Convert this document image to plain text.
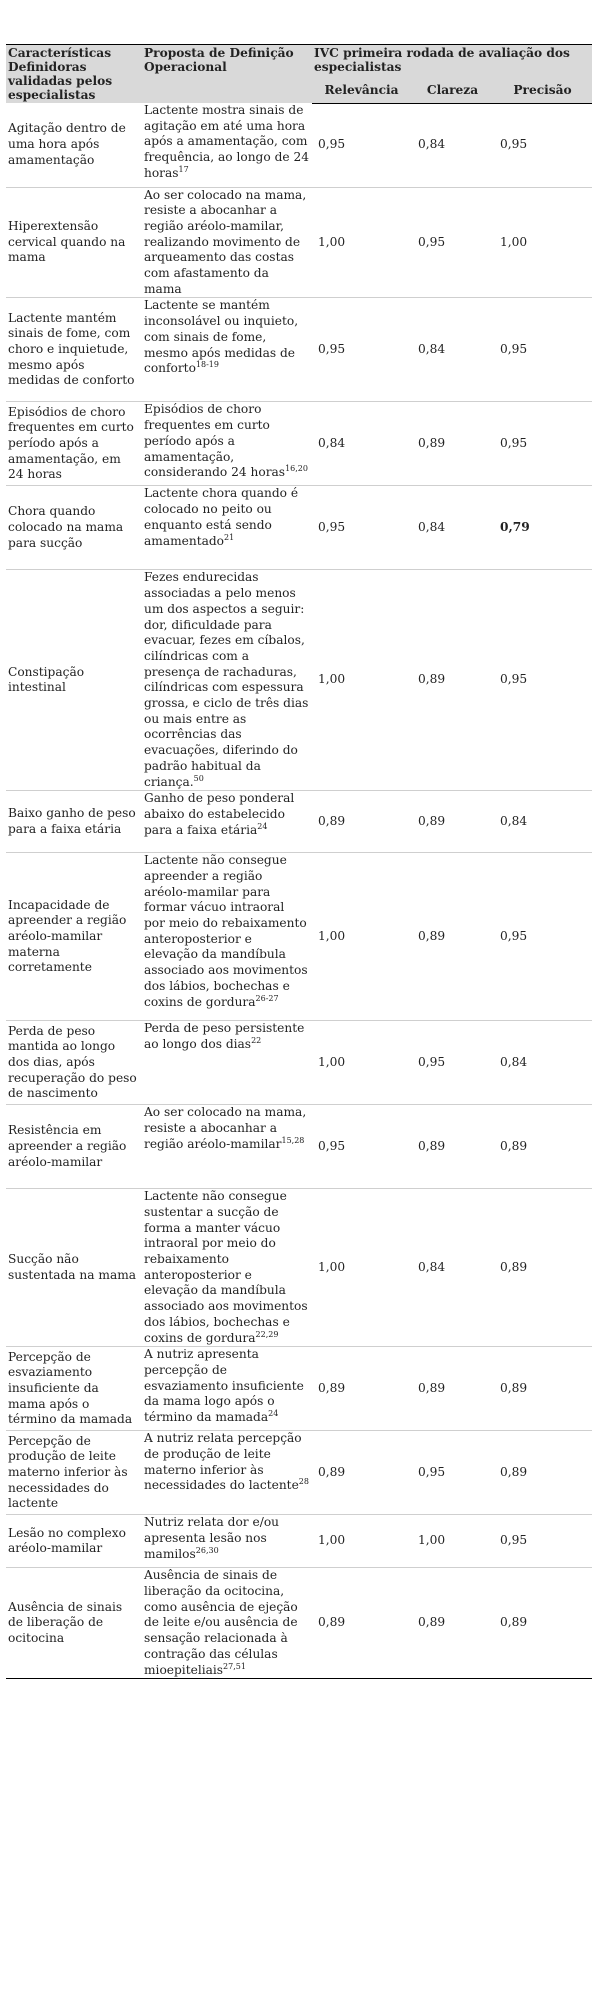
Características Definidoras validadas pelos especialistas	Proposta de Definição Operacional	IVC primeira rodada de avaliação dos especialistas		
		Relevância	Clareza	Precisão
Agitação dentro de uma hora após amamentação	Lactente mostra sinais de agitação em até uma hora após a amamentação, com frequência, ao longo de 24 horas$^{17}$	0,95	0,84	0,95
Hiperextensão cervical quando na mama	Ao ser colocado na mama, resiste a abocanhar a região aréolo-mamilar, realizando movimento de arqueamento das costas com afastamento da mama	1,00	0,95	1,00
Lactente mantém sinais de fome, com choro e inquietude, mesmo após medidas de conforto	Lactente se mantém inconsolável ou inquieto, com sinais de fome, mesmo após medidas de conforto$^{18-19}$	0,95	0,84	0,95
Episódios de choro frequentes em curto período após a amamentação, em 24 horas	Episódios de choro frequentes em curto período após a amamentação, considerando 24 horas$^{16,20}$	0,84	0,89	0,95
Chora quando colocado na mama para sucção	Lactente chora quando é colocado no peito ou enquanto está sendo amamentado$^{21}$	0,95	0,84	0,79
Constipação intestinal	Fezes endurecidas associadas a pelo menos um dos aspectos a seguir: dor, dificuldade para evacuar, fezes em cíbalos, cilíndricas com a presença de rachaduras, cilíndricas com espessura grossa, e ciclo de três dias ou mais entre as ocorrências das evacuações, diferindo do padrão habitual da criança.$^{50}$	1,00	0,89	0,95
Baixo ganho de peso para a faixa etária	Ganho de peso ponderal abaixo do estabelecido para a faixa etária$^{24}$	0,89	0,89	0,84
Incapacidade de apreender a região aréolo-mamilar materna corretamente	Lactente não consegue apreender a região aréolo-mamilar para formar vácuo intraoral por meio do rebaixamento anteroposterior e elevação da mandíbula associado aos movimentos dos lábios, bochechas e coxins de gordura$^{26-27}$	1,00	0,89	0,95
Perda de peso mantida ao longo dos dias, após recuperação do peso de nascimento	Perda de peso persistente ao longo dos dias$^{22}$	1,00	0,95	0,84
Resistência em apreender a região aréolo-mamilar	Ao ser colocado na mama, resiste a abocanhar a região aréolo-mamilar$^{15,28}$	0,95	0,89	0,89
Sucção não sustentada na mama	Lactente não consegue sustentar a sucção de forma a manter vácuo intraoral por meio do rebaixamento anteroposterior e elevação da mandíbula associado aos movimentos dos lábios, bochechas e coxins de gordura$^{22,29}$	1,00	0,84	0,89
Percepção de esvaziamento insuficiente da mama após o término da mamada	A nutriz apresenta percepção de esvaziamento insuficiente da mama logo após o término da mamada$^{24}$	0,89	0,89	0,89
Percepção de produção de leite materno inferior às necessidades do lactente	A nutriz relata percepção de produção de leite materno inferior às necessidades do lactente$^{28}$	0,89	0,95	0,89
Lesão no complexo aréolo-mamilar	Nutriz relata dor e/ou apresenta lesão nos mamilos$^{26,30}$	1,00	1,00	0,95
Ausência de sinais de liberação de ocitocina	Ausência de sinais de liberação da ocitocina, como ausência de ejeção de leite e/ou ausência de sensação relacionada à contração das células mioepiteliais$^{27,51}$	0,89	0,89	0,89
